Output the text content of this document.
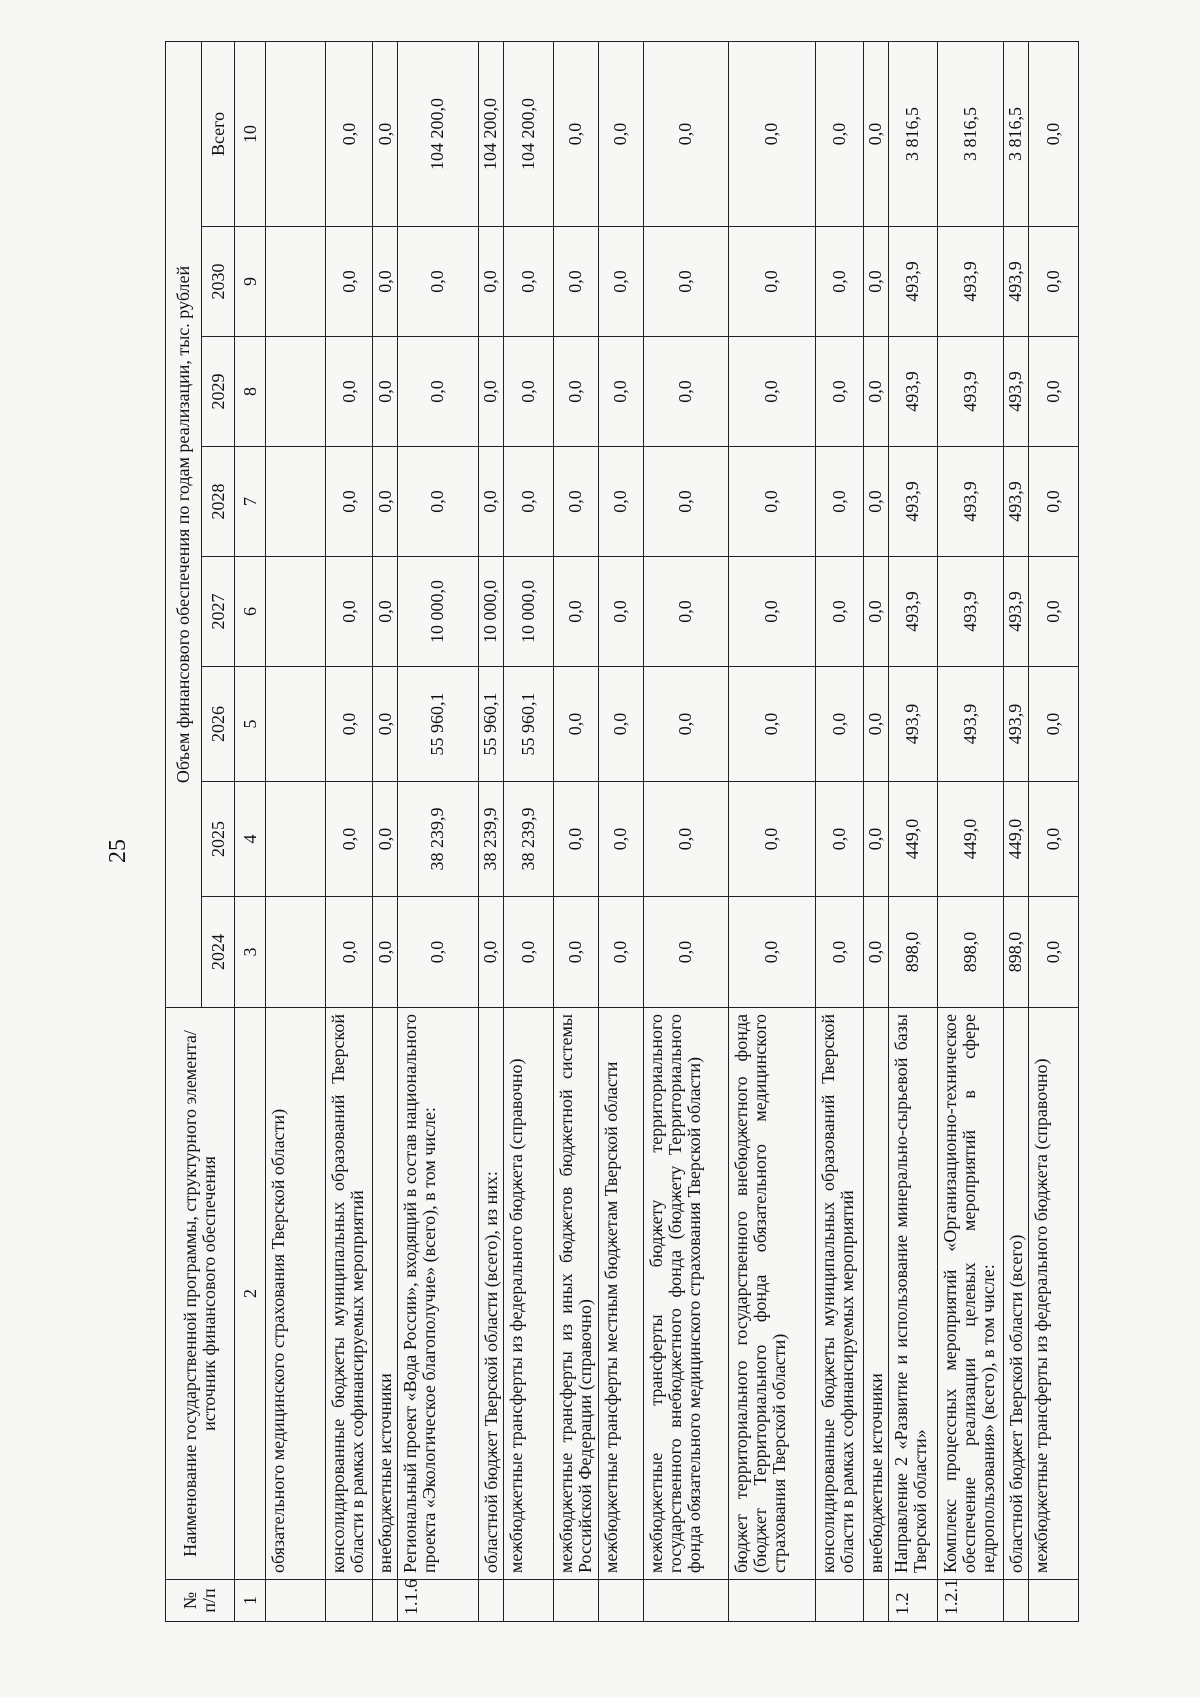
25
№ п/п	Наименование государственной программы, структурного элемента/источник финансового обеспечения	Объем финансового обеспечения по годам реализации, тыс. рублей							
		2024	2025	2026	2027	2028	2029	2030	Всего
1	2	3	4	5	6	7	8	9	10
	обязательного медицинского страхования Тверской области)								
	консолидированные бюджеты муниципальных образований Тверской области в рамках софинансируемых мероприятий	0,0	0,0	0,0	0,0	0,0	0,0	0,0	0,0
	внебюджетные источники	0,0	0,0	0,0	0,0	0,0	0,0	0,0	0,0
1.1.6	Региональный проект «Вода России», входящий в состав национального проекта «Экологическое благополучие» (всего), в том числе:	0,0	38 239,9	55 960,1	10 000,0	0,0	0,0	0,0	104 200,0
	областной бюджет Тверской области (всего), из них:	0,0	38 239,9	55 960,1	10 000,0	0,0	0,0	0,0	104 200,0
	межбюджетные трансферты из федерального бюджета (справочно)	0,0	38 239,9	55 960,1	10 000,0	0,0	0,0	0,0	104 200,0
	межбюджетные трансферты из иных бюджетов бюджетной системы Российской Федерации (справочно)	0,0	0,0	0,0	0,0	0,0	0,0	0,0	0,0
	межбюджетные трансферты местным бюджетам Тверской области	0,0	0,0	0,0	0,0	0,0	0,0	0,0	0,0
	межбюджетные трансферты бюджету территориального государственного внебюджетного фонда (бюджету Территориального фонда обязательного медицинского страхования Тверской области)	0,0	0,0	0,0	0,0	0,0	0,0	0,0	0,0
	бюджет территориального государственного внебюджетного фонда (бюджет Территориального фонда обязательного медицинского страхования Тверской области)	0,0	0,0	0,0	0,0	0,0	0,0	0,0	0,0
	консолидированные бюджеты муниципальных образований Тверской области в рамках софинансируемых мероприятий	0,0	0,0	0,0	0,0	0,0	0,0	0,0	0,0
	внебюджетные источники	0,0	0,0	0,0	0,0	0,0	0,0	0,0	0,0
1.2	Направление 2 «Развитие и использование минерально-сырьевой базы Тверской области»	898,0	449,0	493,9	493,9	493,9	493,9	493,9	3 816,5
1.2.1	Комплекс процессных мероприятий «Организационно-техническое обеспечение реализации целевых мероприятий в сфере недропользования» (всего), в том числе:	898,0	449,0	493,9	493,9	493,9	493,9	493,9	3 816,5
	областной бюджет Тверской области (всего)	898,0	449,0	493,9	493,9	493,9	493,9	493,9	3 816,5
	межбюджетные трансферты из федерального бюджета (справочно)	0,0	0,0	0,0	0,0	0,0	0,0	0,0	0,0
